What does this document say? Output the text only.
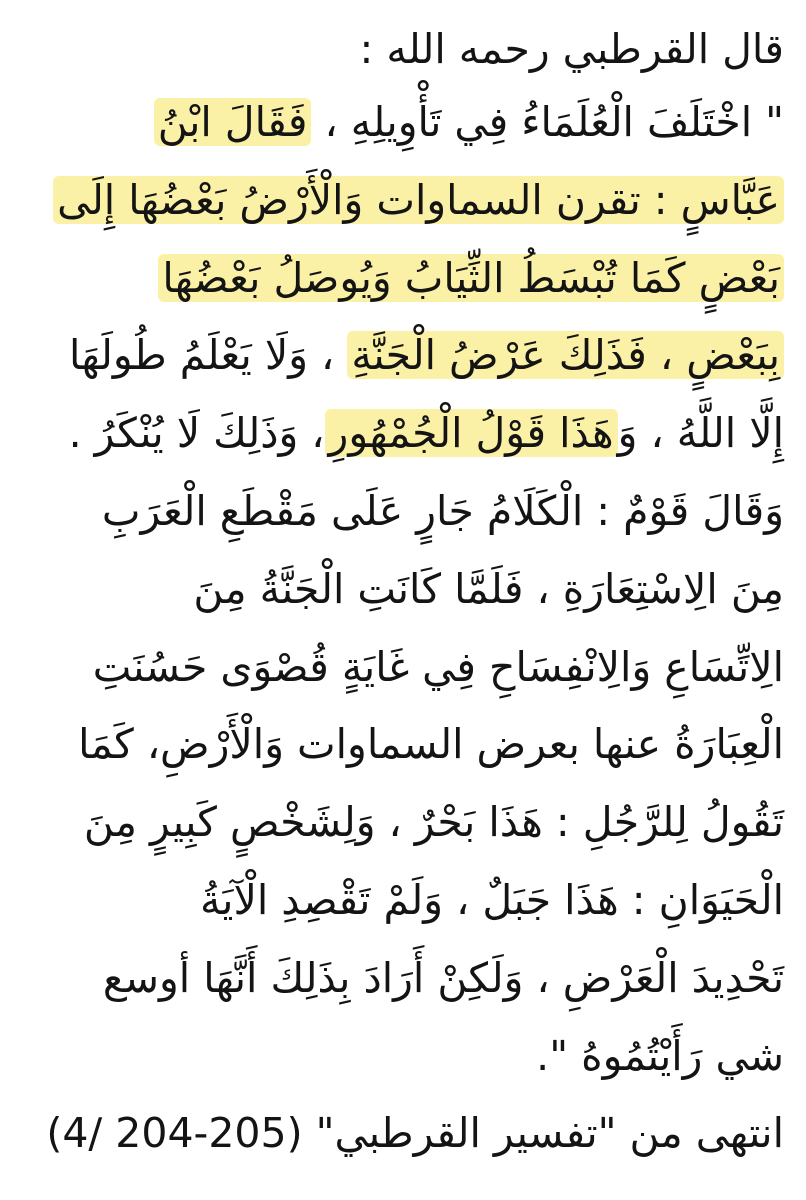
قال القرطبي رحمه الله :
" اخْتَلَفَ الْعُلَمَاءُ فِي تَأْوِيلِهِ ، فَقَالَ ابْنُ
عَبَّاسٍ : تقرن السماوات وَالْأَرْضُ بَعْضُهَا إِلَى
بَعْضٍ كَمَا تُبْسَطُ الثِّيَابُ وَيُوصَلُ بَعْضُهَا
بِبَعْضٍ ، فَذَلِكَ عَرْضُ الْجَنَّةِ ، وَلَا يَعْلَمُ طُولَهَا
إِلَّا اللَّهُ ، وَهَذَا قَوْلُ الْجُمْهُورِ، وَذَلِكَ لَا يُنْكَرُ .
وَقَالَ قَوْمٌ : الْكَلَامُ جَارٍ عَلَى مَقْطَعِ الْعَرَبِ
مِنَ الِاسْتِعَارَةِ ، فَلَمَّا كَانَتِ الْجَنَّةُ مِنَ
الِاتِّسَاعِ وَالِانْفِسَاحِ فِي غَايَةٍ قُصْوَى حَسُنَتِ
الْعِبَارَةُ عنها بعرض السماوات وَالْأَرْضِ، كَمَا
تَقُولُ لِلرَّجُلِ : هَذَا بَحْرٌ ، وَلِشَخْصٍ كَبِيرٍ مِنَ
الْحَيَوَانِ : هَذَا جَبَلٌ ، وَلَمْ تَقْصِدِ الْآيَةُ
تَحْدِيدَ الْعَرْضِ ، وَلَكِنْ أَرَادَ بِذَلِكَ أَنَّهَا أوسع
شي رَأَيْتُمُوهُ ".
انتهى من "تفسير القرطبي" (4/ 204-205)
